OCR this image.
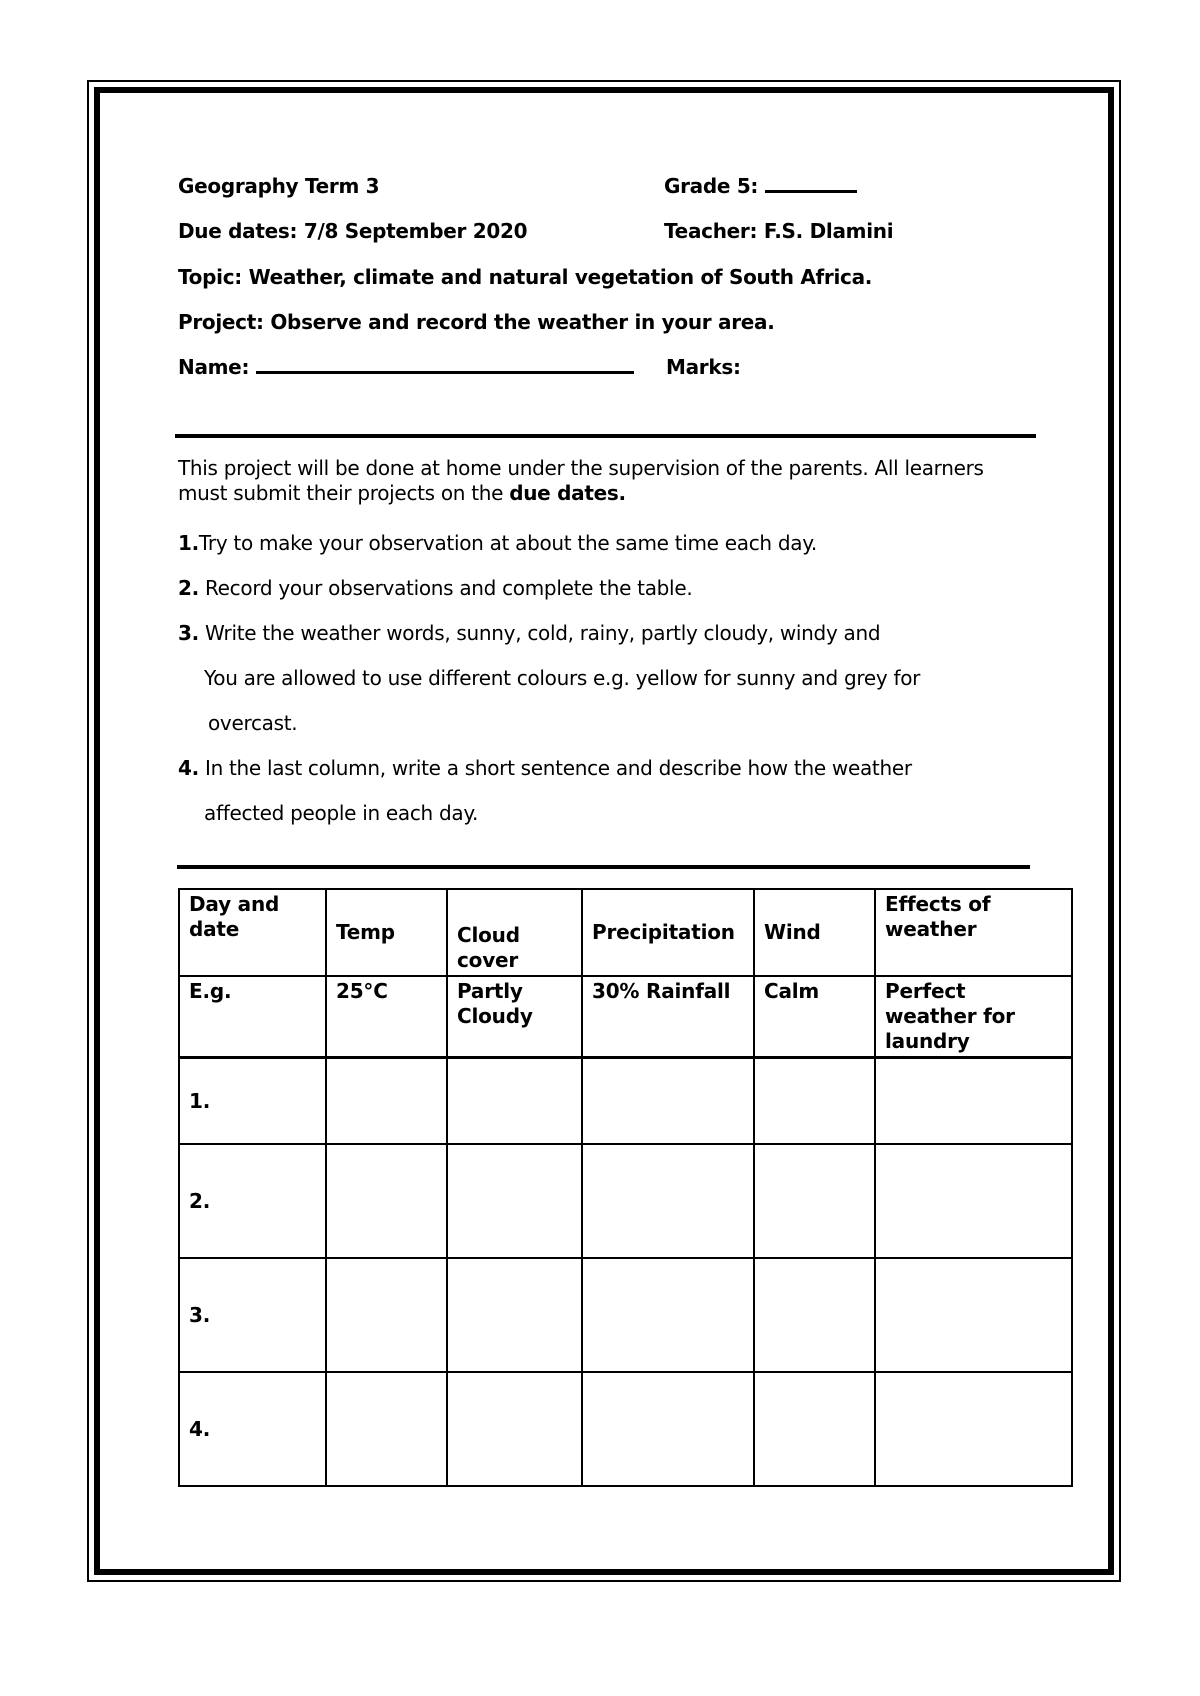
Geography Term 3	Grade 5:
Due dates: 7/8 September 2020	Teacher: F.S. Dlamini
Topic: Weather, climate and natural vegetation of South Africa.
Project: Observe and record the weather in your area.
Name:	Marks:
This project will be done at home under the supervision of the parents. All learners must submit their projects on the due dates.
1.Try to make your observation at about the same time each day.
2. Record your observations and complete the table.
3. Write the weather words, sunny, cold, rainy, partly cloudy, windy and
You are allowed to use different colours e.g. yellow for sunny and grey for
overcast.
4. In the last column, write a short sentence and describe how the weather
affected people in each day.
Day and date	Temp	Cloud cover	Precipitation	Wind	Effects of weather
E.g.	25°C	Partly Cloudy	30% Rainfall	Calm	Perfect weather for laundry
1.					
2.					
3.					
4.					
